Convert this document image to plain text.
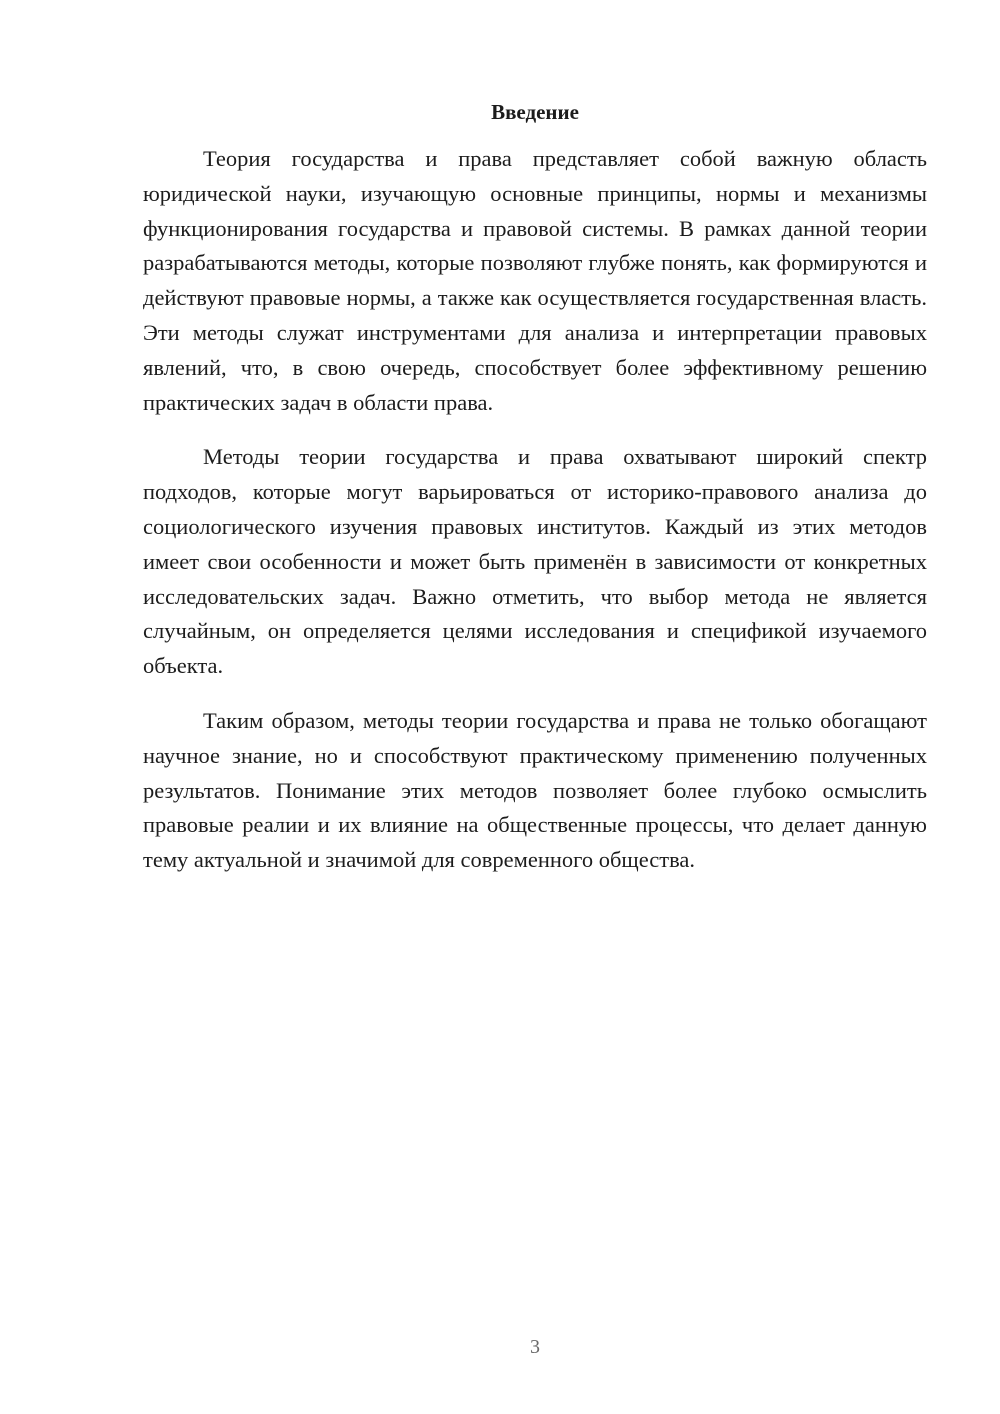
Введение

Теория государства и права представляет собой важную область юридической науки, изучающую основные принципы, нормы и механизмы функционирования государства и правовой системы. В рамках данной теории разрабатываются методы, которые позволяют глубже понять, как формируются и действуют правовые нормы, а также как осуществляется государственная власть. Эти методы служат инструментами для анализа и интерпретации правовых явлений, что, в свою очередь, способствует более эффективному решению практических задач в области права.

Методы теории государства и права охватывают широкий спектр подходов, которые могут варьироваться от историко-правового анализа до социологического изучения правовых институтов. Каждый из этих методов имеет свои особенности и может быть применён в зависимости от конкретных исследовательских задач. Важно отметить, что выбор метода не является случайным, он определяется целями исследования и спецификой изучаемого объекта.

Таким образом, методы теории государства и права не только обогащают научное знание, но и способствуют практическому применению полученных результатов. Понимание этих методов позволяет более глубоко осмыслить правовые реалии и их влияние на общественные процессы, что делает данную тему актуальной и значимой для современного общества.

3
